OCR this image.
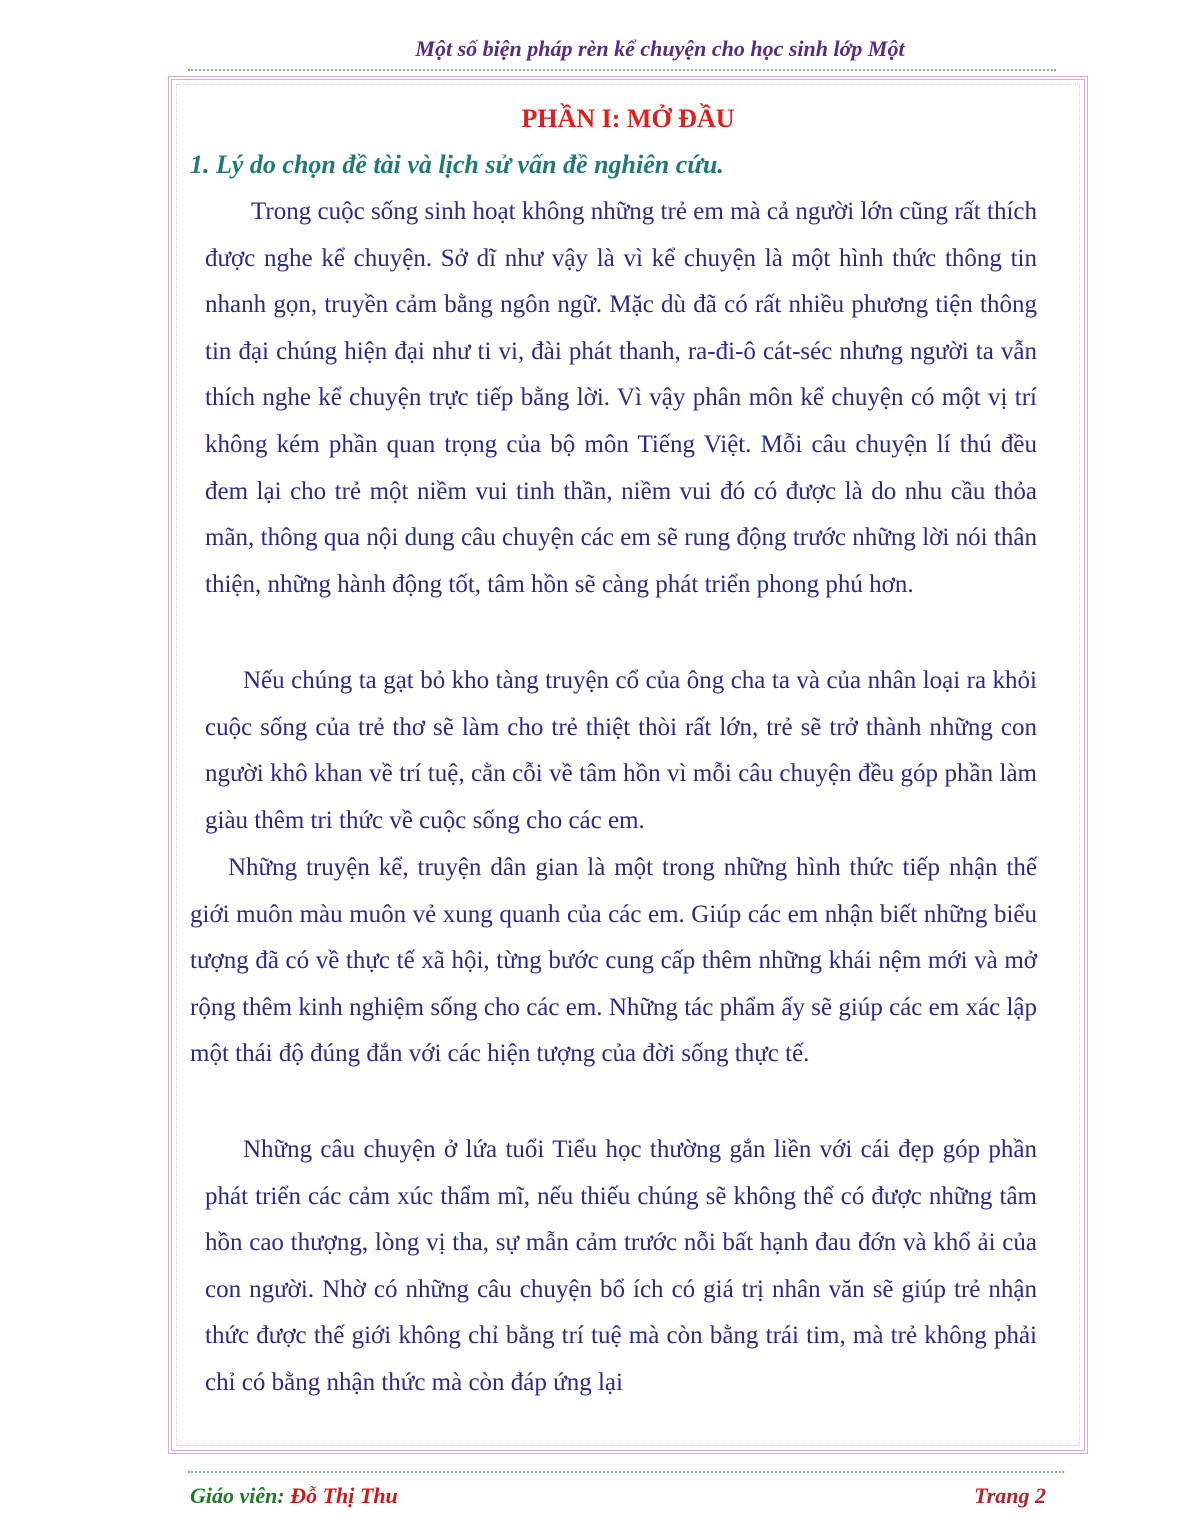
Một số biện pháp rèn kể chuyện cho học sinh lớp Một
PHẦN I: MỞ ĐẦU
1. Lý do chọn đề tài và lịch sử vấn đề nghiên cứu.
Trong cuộc sống sinh hoạt không những trẻ em mà cả người lớn cũng rất thích được nghe kể chuyện. Sở dĩ như vậy là vì kể chuyện là một hình thức thông tin nhanh gọn, truyền cảm bằng ngôn ngữ. Mặc dù đã có rất nhiều phương tiện thông tin đại chúng hiện đại như ti vi, đài phát thanh, ra-đi-ô cát-séc nhưng người ta vẫn thích nghe kể chuyện trực tiếp bằng lời. Vì vậy phân môn kể chuyện có một vị trí không kém phần quan trọng của bộ môn Tiếng Việt. Mỗi câu chuyện lí thú đều đem lại cho trẻ một niềm vui tinh thần, niềm vui đó có được là do nhu cầu thỏa mãn, thông qua nội dung câu chuyện các em sẽ rung động trước những lời nói thân thiện, những hành động tốt, tâm hồn sẽ càng phát triển phong phú hơn.
Nếu chúng ta gạt bỏ kho tàng truyện cổ của ông cha ta và của nhân loại ra khỏi cuộc sống của trẻ thơ sẽ làm cho trẻ thiệt thòi rất lớn, trẻ sẽ trở thành những con người khô khan về trí tuệ, cằn cỗi về tâm hồn vì mỗi câu chuyện đều góp phần làm giàu thêm tri thức về cuộc sống cho các em.
Những truyện kể, truyện dân gian là một trong những hình thức tiếp nhận thế giới muôn màu muôn vẻ xung quanh của các em. Giúp các em nhận biết những biểu tượng đã có về thực tế xã hội, từng bước cung cấp thêm những khái nệm mới và mở rộng thêm kinh nghiệm sống cho các em. Những tác phẩm ấy sẽ giúp các em xác lập một thái độ đúng đắn với các hiện tượng của đời sống thực tế.
Những câu chuyện ở lứa tuổi Tiểu học thường gắn liền với cái đẹp góp phần phát triển các cảm xúc thẩm mĩ, nếu thiếu chúng sẽ không thể có được những tâm hồn cao thượng, lòng vị tha, sự mẫn cảm trước nỗi bất hạnh đau đớn và khổ ải của con người. Nhờ có những câu chuyện bổ ích có giá trị nhân văn sẽ giúp trẻ nhận thức được thế giới không chỉ bằng trí tuệ mà còn bằng trái tim, mà trẻ không phải chỉ có bằng nhận thức mà còn đáp ứng lại
Giáo viên: Đỗ Thị Thu	Trang 2
